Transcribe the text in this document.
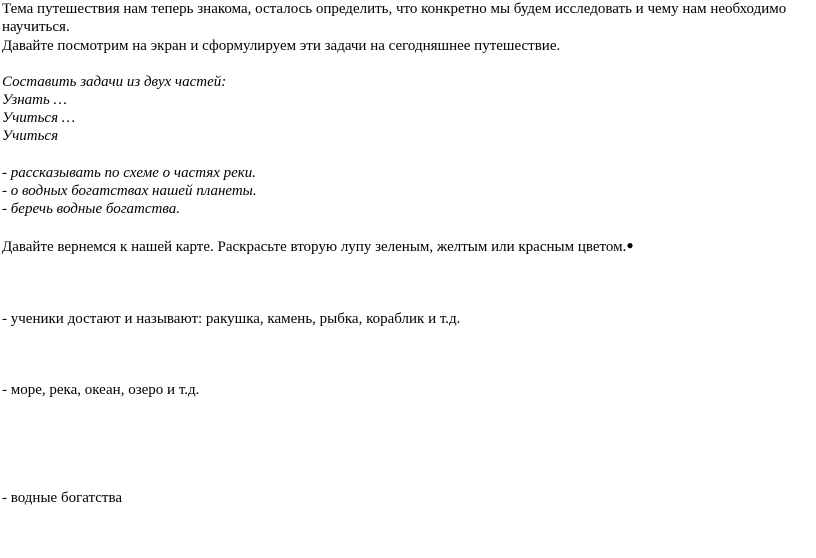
Тема путешествия нам теперь знакома, осталось определить, что конкретно мы будем исследовать и чему нам необходимо
научиться.
Давайте посмотрим на экран и сформулируем эти задачи на сегодняшнее путешествие.
Составить задачи из двух частей:
Узнать …
Учиться …
Учиться
- рассказывать по схеме о частях реки.
- о водных богатствах нашей планеты.
- беречь водные богатства.
Давайте вернемся к нашей карте. Раскрасьте вторую лупу зеленым, желтым или красным цветом.●
- ученики достают и называют: ракушка, камень, рыбка, кораблик и т.д.
- море, река, океан, озеро и т.д.
- водные богатства
